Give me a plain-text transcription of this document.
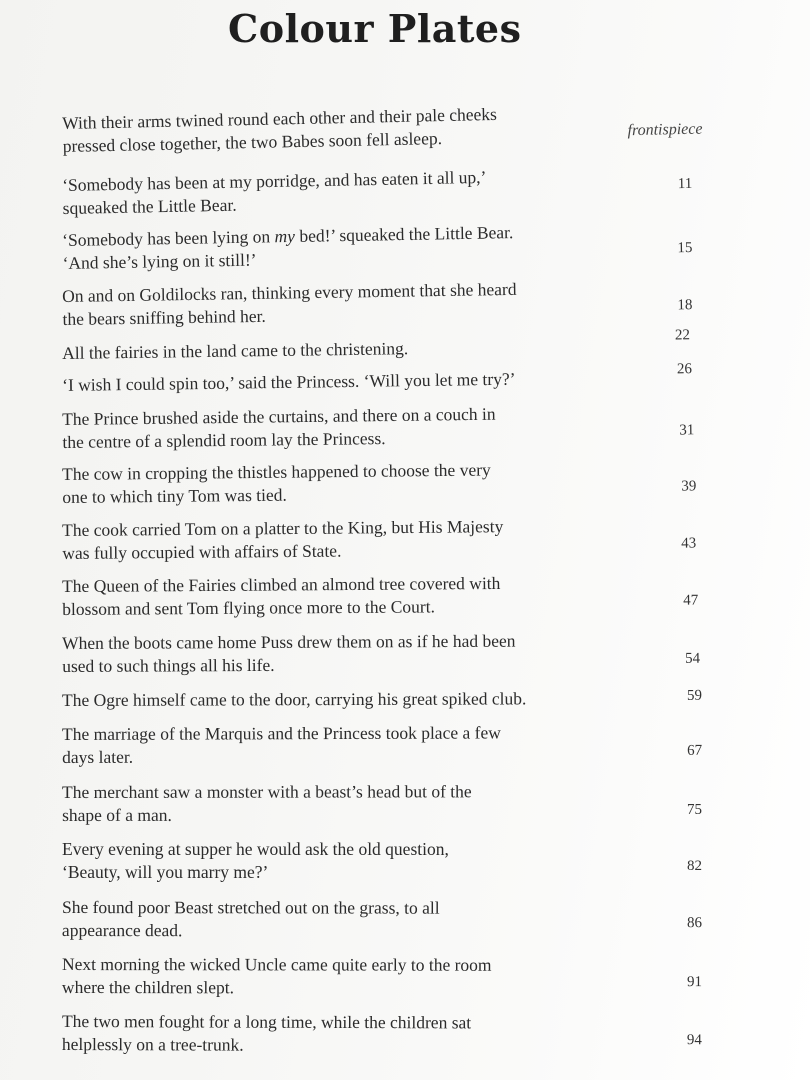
Colour Plates
With their arms twined round each other and their pale cheeks
pressed close together, the two Babes soon fell asleep.	frontispiece
‘Somebody has been at my porridge, and has eaten it all up,’
squeaked the Little Bear.
11
‘Somebody has been lying on my bed!’ squeaked the Little Bear.
‘And she’s lying on it still!’
15
On and on Goldilocks ran, thinking every moment that she heard
the bears sniffing behind her.
18
All the fairies in the land came to the christening.
22
‘I wish I could spin too,’ said the Princess. ‘Will you let me try?’	26
The Prince brushed aside the curtains, and there on a couch in
the centre of a splendid room lay the Princess.	31
The cow in cropping the thistles happened to choose the very
one to which tiny Tom was tied.	39
The cook carried Tom on a platter to the King, but His Majesty
was fully occupied with affairs of State.	43
The Queen of the Fairies climbed an almond tree covered with
blossom and sent Tom flying once more to the Court.	47
When the boots came home Puss drew them on as if he had been
used to such things all his life.	54
The Ogre himself came to the door, carrying his great spiked club.	59
The marriage of the Marquis and the Princess took place a few
days later.	67
The merchant saw a monster with a beast’s head but of the
shape of a man.	75
Every evening at supper he would ask the old question,
‘Beauty, will you marry me?’	82
She found poor Beast stretched out on the grass, to all
appearance dead.	86
Next morning the wicked Uncle came quite early to the room
where the children slept.	91
The two men fought for a long time, while the children sat
helplessly on a tree-trunk.	94
